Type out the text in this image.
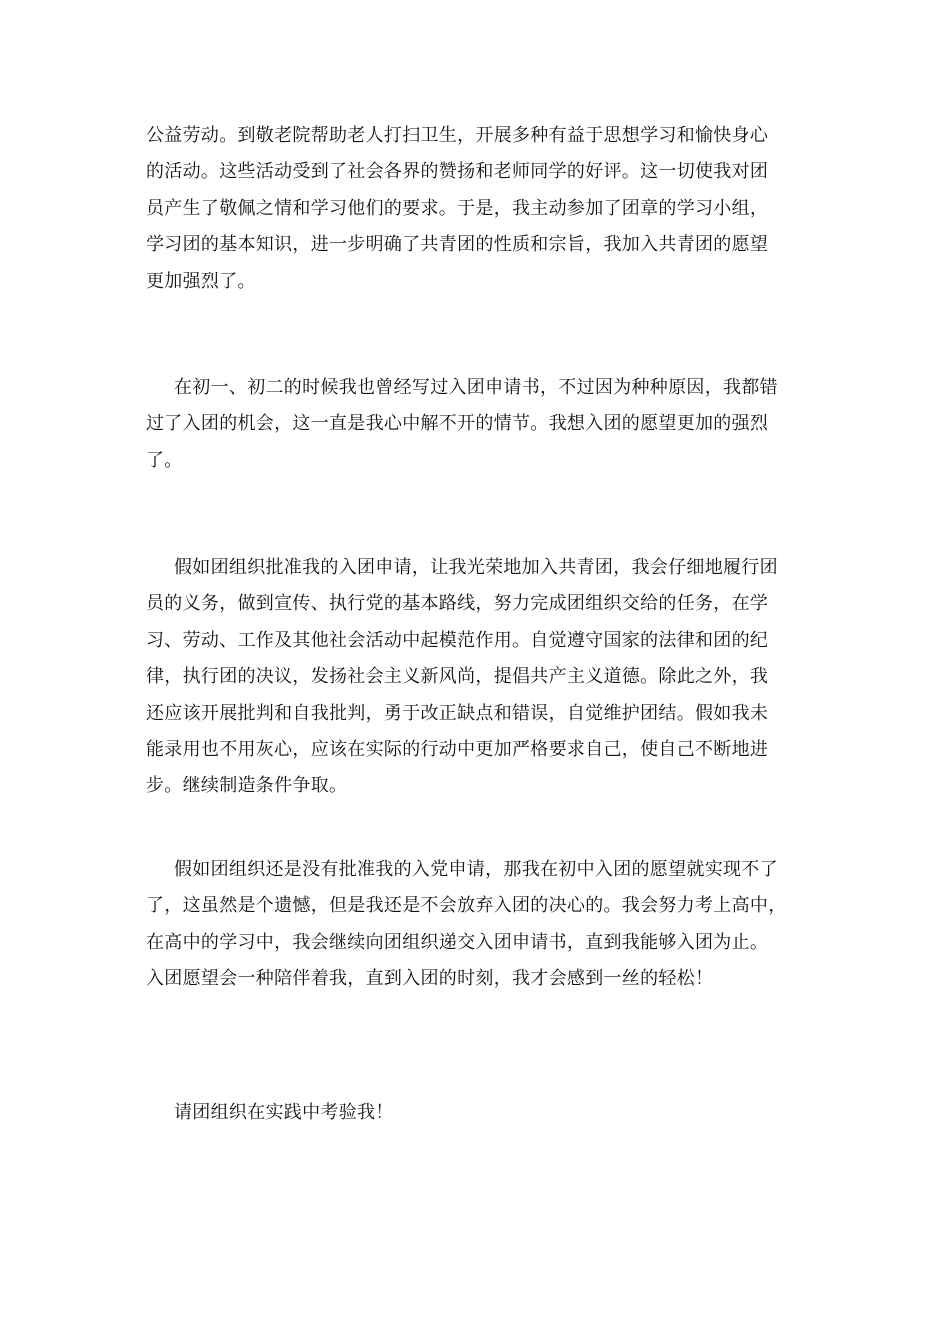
公益劳动。到敬老院帮助老人打扫卫生，开展多种有益于思想学习和愉快身心
的活动。这些活动受到了社会各界的赞扬和老师同学的好评。这一切使我对团
员产生了敬佩之情和学习他们的要求。于是，我主动参加了团章的学习小组，
学习团的基本知识，进一步明确了共青团的性质和宗旨，我加入共青团的愿望
更加强烈了。

在初一、初二的时候我也曾经写过入团申请书，不过因为种种原因，我都错
过了入团的机会，这一直是我心中解不开的情节。我想入团的愿望更加的强烈
了。

假如团组织批准我的入团申请，让我光荣地加入共青团，我会仔细地履行团
员的义务，做到宣传、执行党的基本路线，努力完成团组织交给的任务，在学
习、劳动、工作及其他社会活动中起模范作用。自觉遵守国家的法律和团的纪
律，执行团的决议，发扬社会主义新风尚，提倡共产主义道德。除此之外，我
还应该开展批判和自我批判，勇于改正缺点和错误，自觉维护团结。假如我未
能录用也不用灰心，应该在实际的行动中更加严格要求自己，使自己不断地进
步。继续制造条件争取。

假如团组织还是没有批准我的入党申请，那我在初中入团的愿望就实现不了
了，这虽然是个遗憾，但是我还是不会放弃入团的决心的。我会努力考上高中，
在高中的学习中，我会继续向团组织递交入团申请书，直到我能够入团为止。
入团愿望会一种陪伴着我，直到入团的时刻，我才会感到一丝的轻松！

请团组织在实践中考验我！
